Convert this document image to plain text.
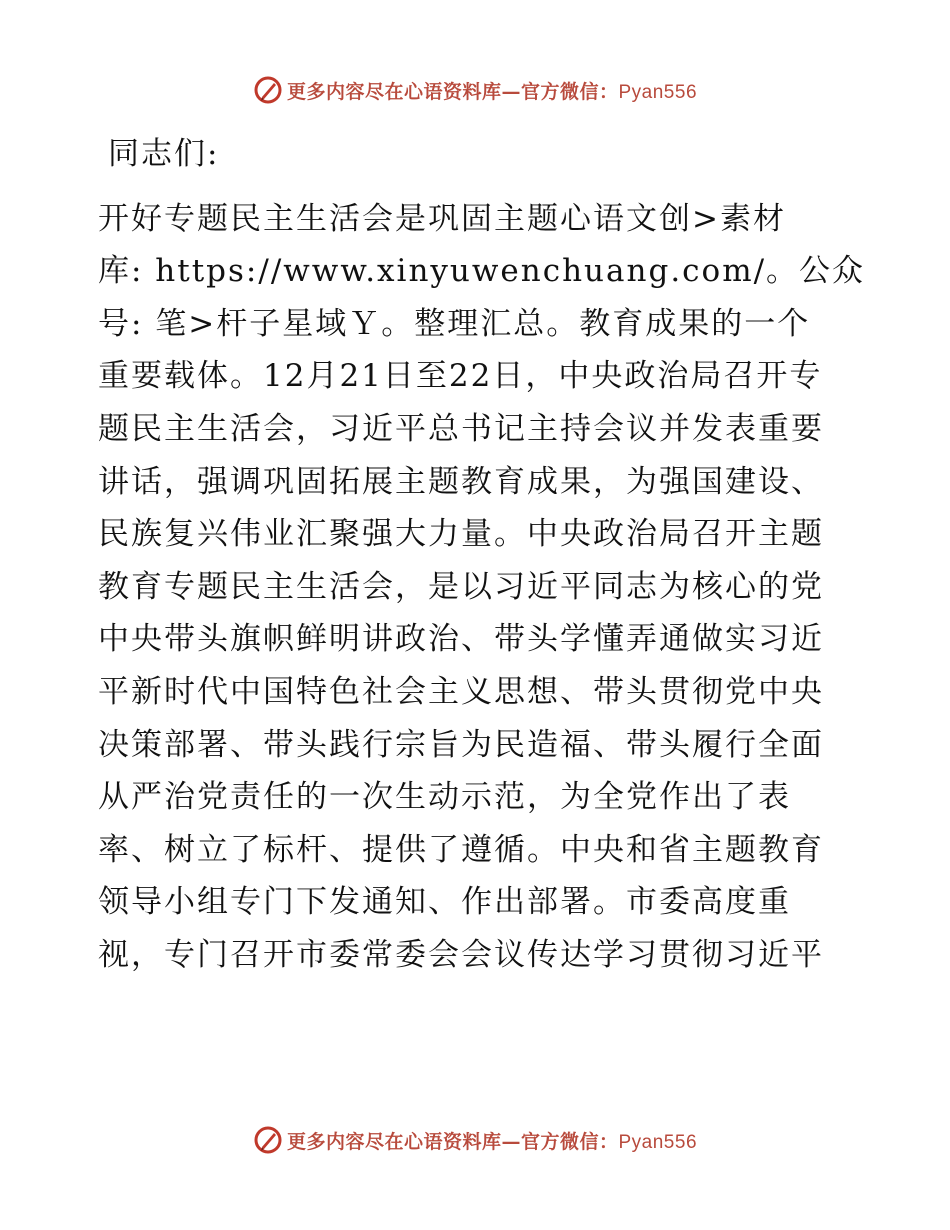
更多内容尽在心语资料库—官方微信：Pyan556
同志们:
开好专题民主生活会是巩固主题心语文创>素材
库: https://www.xinyuwenchuang.com/。公众
号: 笔>杆子星域Ｙ。整理汇总。教育成果的一个
重要载体。12月21日至22日，中央政治局召开专
题民主生活会，习近平总书记主持会议并发表重要
讲话，强调巩固拓展主题教育成果，为强国建设、
民族复兴伟业汇聚强大力量。中央政治局召开主题
教育专题民主生活会，是以习近平同志为核心的党
中央带头旗帜鲜明讲政治、带头学懂弄通做实习近
平新时代中国特色社会主义思想、带头贯彻党中央
决策部署、带头践行宗旨为民造福、带头履行全面
从严治党责任的一次生动示范，为全党作出了表
率、树立了标杆、提供了遵循。中央和省主题教育
领导小组专门下发通知、作出部署。市委高度重
视，专门召开市委常委会会议传达学习贯彻习近平
更多内容尽在心语资料库—官方微信：Pyan556
